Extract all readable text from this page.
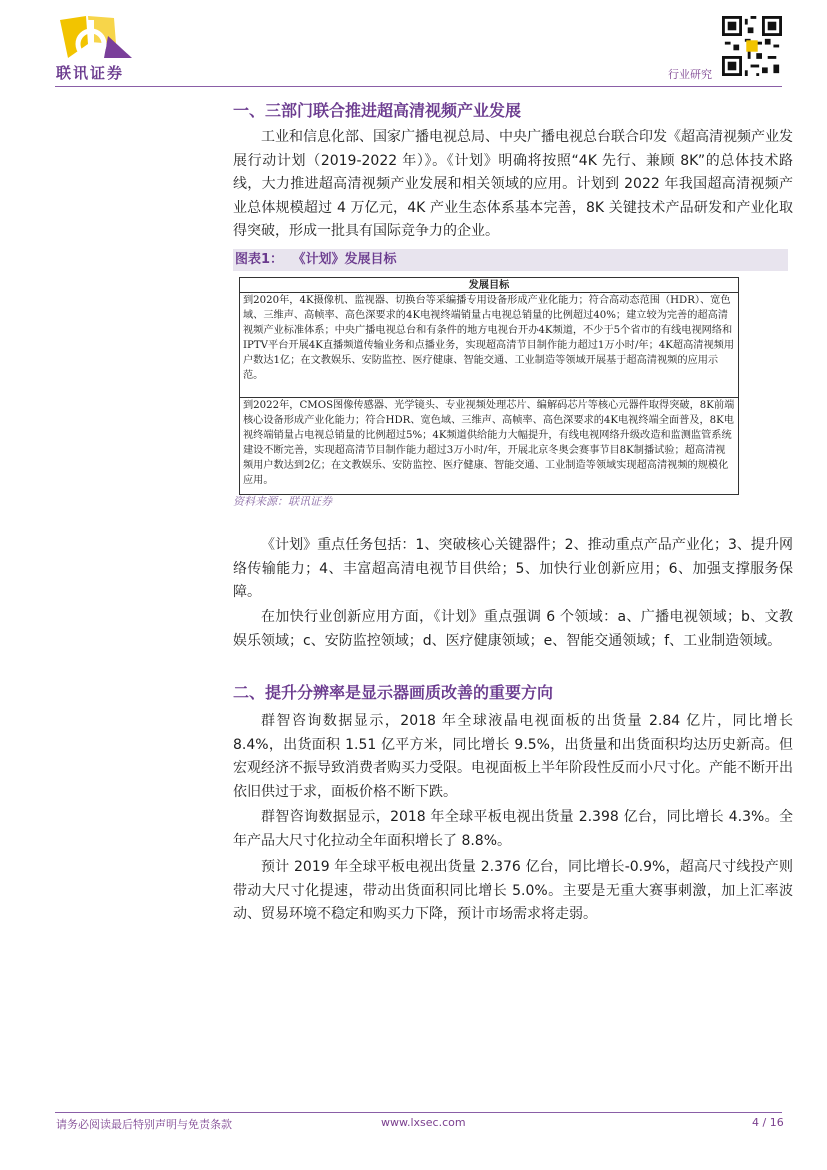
联讯证券	行业研究
一、三部门联合推进超高清视频产业发展
工业和信息化部、国家广播电视总局、中央广播电视总台联合印发《超高清视频产业发展行动计划（2019-2022 年）》。《计划》明确将按照“4K 先行、兼顾 8K”的总体技术路线，大力推进超高清视频产业发展和相关领域的应用。计划到 2022 年我国超高清视频产业总体规模超过 4 万亿元，4K 产业生态体系基本完善，8K 关键技术产品研发和产业化取得突破，形成一批具有国际竞争力的企业。
图表1： 《计划》发展目标
发展目标
到2020年，4K摄像机、监视器、切换台等采编播专用设备形成产业化能力；符合高动态范围（HDR）、宽色域、三维声、高帧率、高色深要求的4K电视终端销量占电视总销量的比例超过40%；建立较为完善的超高清视频产业标准体系；中央广播电视总台和有条件的地方电视台开办4K频道，不少于5个省市的有线电视网络和IPTV平台开展4K直播频道传输业务和点播业务，实现超高清节目制作能力超过1万小时/年；4K超高清视频用户数达1亿；在文教娱乐、安防监控、医疗健康、智能交通、工业制造等领域开展基于超高清视频的应用示范。
到2022年，CMOS图像传感器、光学镜头、专业视频处理芯片、编解码芯片等核心元器件取得突破，8K前端核心设备形成产业化能力；符合HDR、宽色域、三维声、高帧率、高色深要求的4K电视终端全面普及，8K电视终端销量占电视总销量的比例超过5%；4K频道供给能力大幅提升，有线电视网络升级改造和监测监管系统建设不断完善，实现超高清节目制作能力超过3万小时/年，开展北京冬奥会赛事节目8K制播试验；超高清视频用户数达到2亿；在文教娱乐、安防监控、医疗健康、智能交通、工业制造等领域实现超高清视频的规模化应用。
资料来源：联讯证券
《计划》重点任务包括：1、突破核心关键器件；2、推动重点产品产业化；3、提升网络传输能力；4、丰富超高清电视节目供给；5、加快行业创新应用；6、加强支撑服务保障。
在加快行业创新应用方面，《计划》重点强调 6 个领域：a、广播电视领域；b、文教娱乐领域；c、安防监控领域；d、医疗健康领域；e、智能交通领域；f、工业制造领域。
二、提升分辨率是显示器画质改善的重要方向
群智咨询数据显示，2018 年全球液晶电视面板的出货量 2.84 亿片，同比增长 8.4%，出货面积 1.51 亿平方米，同比增长 9.5%，出货量和出货面积均达历史新高。但宏观经济不振导致消费者购买力受限。电视面板上半年阶段性反而小尺寸化。产能不断开出依旧供过于求，面板价格不断下跌。
群智咨询数据显示，2018 年全球平板电视出货量 2.398 亿台，同比增长 4.3%。全年产品大尺寸化拉动全年面积增长了 8.8%。
预计 2019 年全球平板电视出货量 2.376 亿台，同比增长-0.9%，超高尺寸线投产则带动大尺寸化提速，带动出货面积同比增长 5.0%。主要是无重大赛事刺激，加上汇率波动、贸易环境不稳定和购买力下降，预计市场需求将走弱。
请务必阅读最后特别声明与免责条款	www.lxsec.com	4 / 16
